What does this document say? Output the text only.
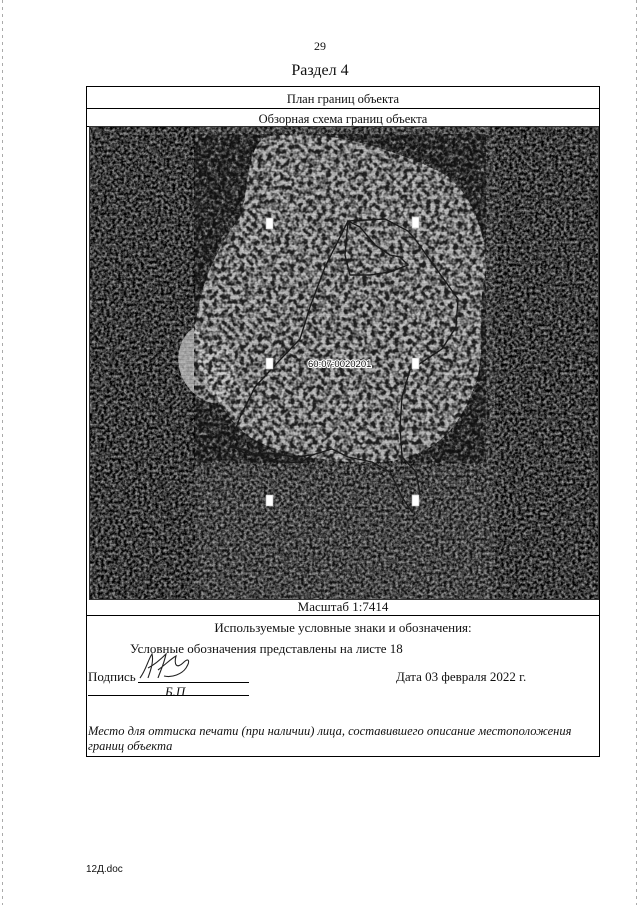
29
Раздел 4
План границ объекта
Обзорная схема границ объекта
Масштаб 1:7414
Используемые условные знаки и обозначения:
60:07:0020201
Условные обозначения представлены на листе 18
Подпись
Б.П
Дата 03 февраля 2022 г.
Место для оттиска печати (при наличии) лица, составившего описание местоположения границ объекта
12Д.doc
